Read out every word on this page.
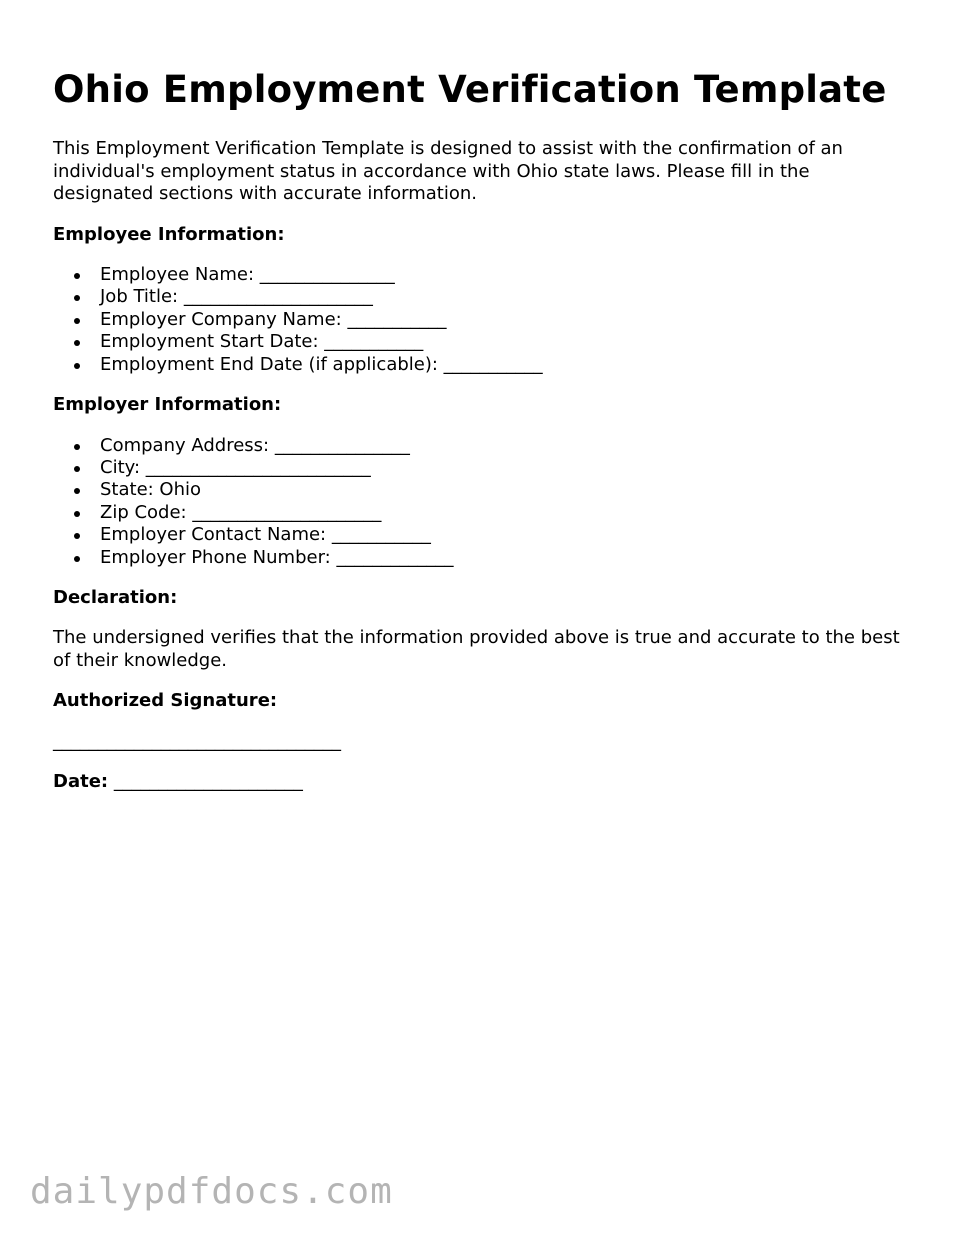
Ohio Employment Verification Template

This Employment Verification Template is designed to assist with the confirmation of an individual's employment status in accordance with Ohio state laws. Please fill in the designated sections with accurate information.

Employee Information:

Employee Name: _______________
Job Title: _____________________
Employer Company Name: ___________
Employment Start Date: ___________
Employment End Date (if applicable): ___________

Employer Information:

Company Address: _______________
City: _________________________
State: Ohio
Zip Code: _____________________
Employer Contact Name: ___________
Employer Phone Number: _____________

Declaration:

The undersigned verifies that the information provided above is true and accurate to the best of their knowledge.

Authorized Signature:

________________________________

Date: _____________________

dailypdfdocs.com
